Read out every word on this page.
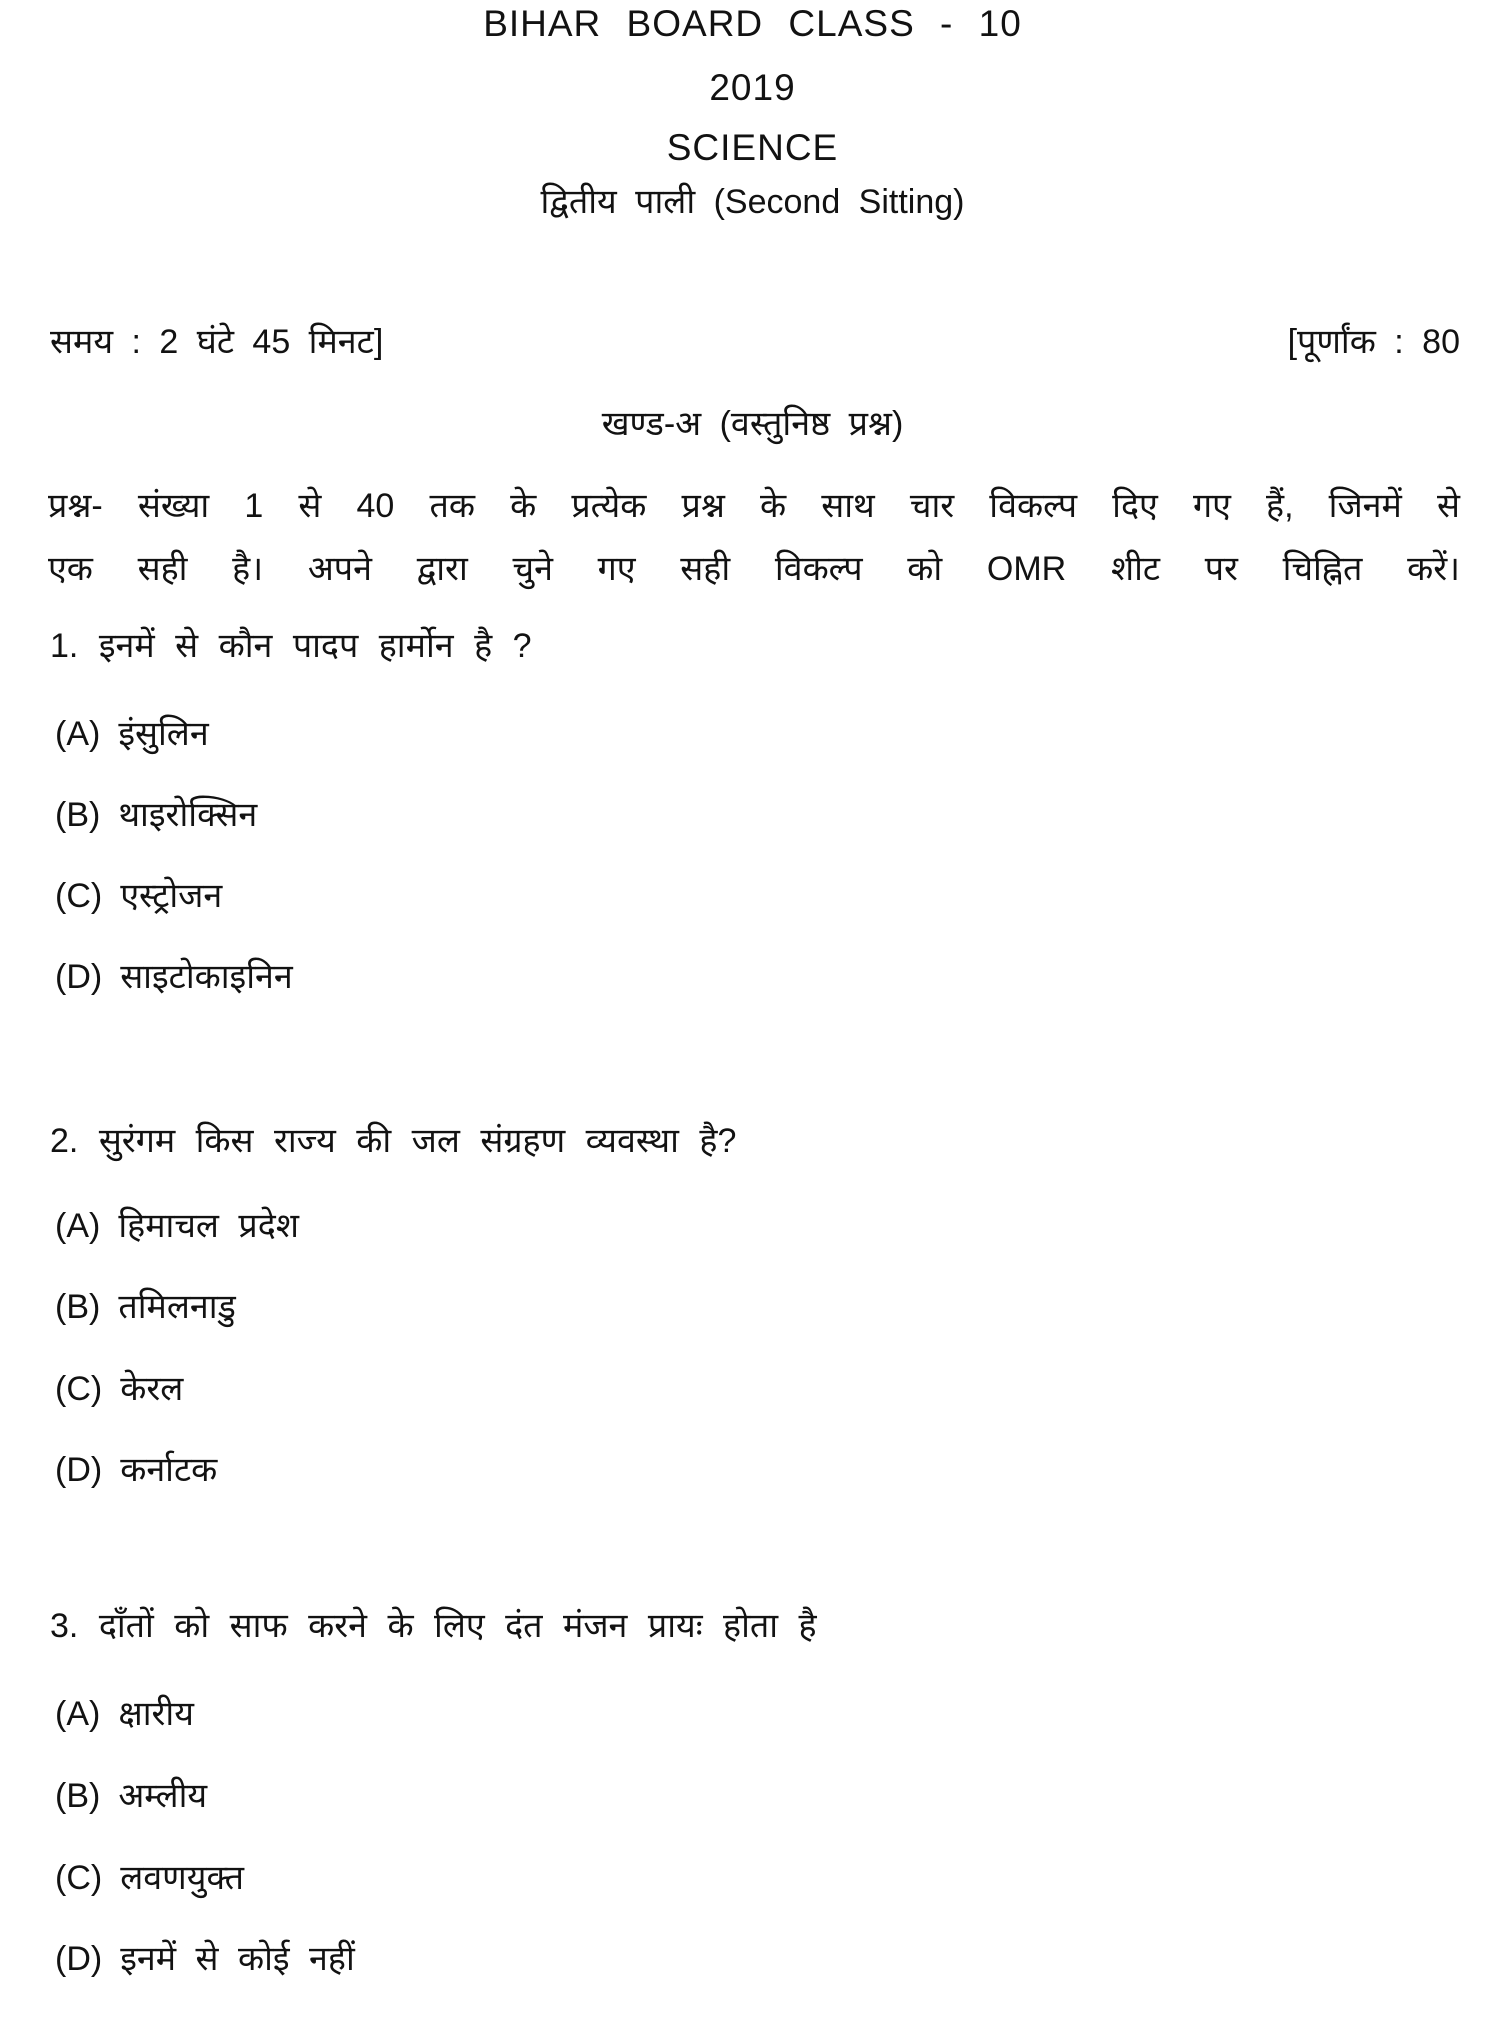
BIHAR BOARD CLASS - 10
2019
SCIENCE
द्वितीय पाली (Second Sitting)
समय : 2 घंटे 45 मिनट]	[पूर्णांक : 80
खण्ड-अ (वस्तुनिष्ठ प्रश्न)
प्रश्न- संख्या 1 से 40 तक के प्रत्येक प्रश्न के साथ चार विकल्प दिए गए हैं, जिनमें से
एक सही है। अपने द्वारा चुने गए सही विकल्प को OMR शीट पर चिह्नित करें।
1. इनमें से कौन पादप हार्मोन है ?
(A) इंसुलिन
(B) थाइरोक्सिन
(C) एस्ट्रोजन
(D) साइटोकाइनिन
2. सुरंगम किस राज्य की जल संग्रहण व्यवस्था है?
(A) हिमाचल प्रदेश
(B) तमिलनाडु
(C) केरल
(D) कर्नाटक
3. दाँतों को साफ करने के लिए दंत मंजन प्रायः होता है
(A) क्षारीय
(B) अम्लीय
(C) लवणयुक्त
(D) इनमें से कोई नहीं
